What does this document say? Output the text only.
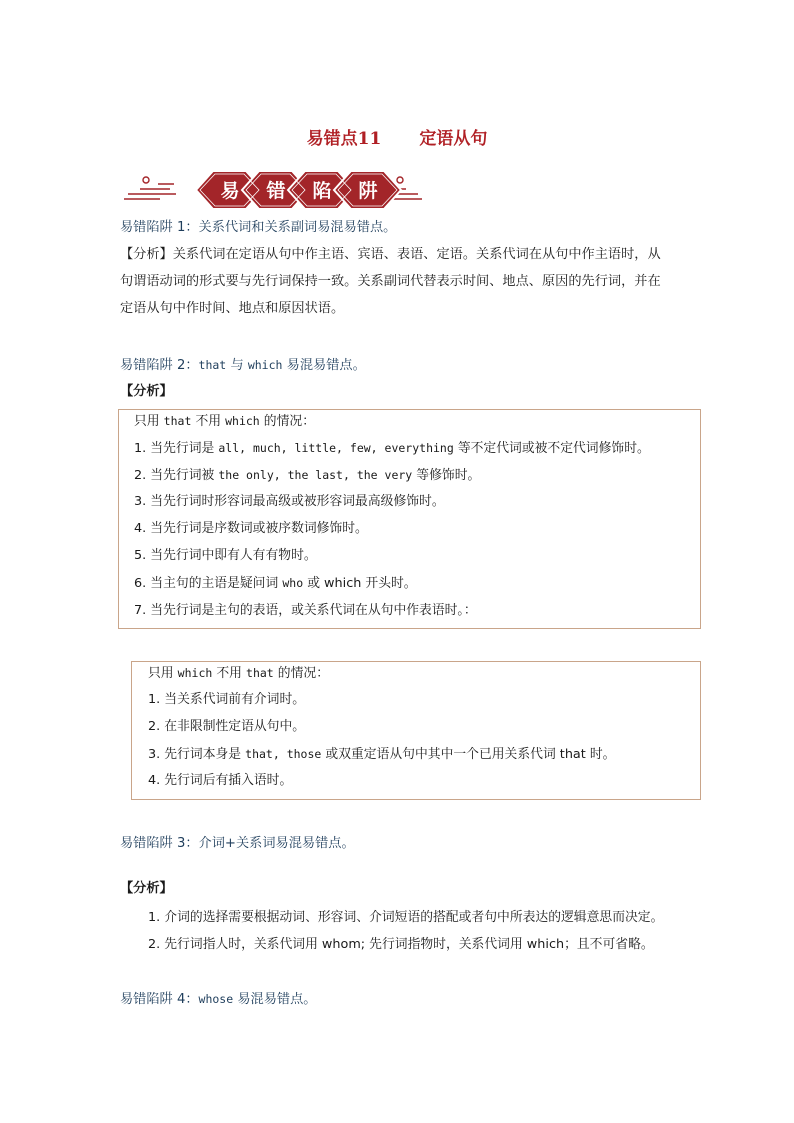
易错点11 定语从句
易 错 陷 阱
易错陷阱 1：关系代词和关系副词易混易错点。
【分析】关系代词在定语从句中作主语、宾语、表语、定语。关系代词在从句中作主语时，从
句谓语动词的形式要与先行词保持一致。关系副词代替表示时间、地点、原因的先行词，并在
定语从句中作时间、地点和原因状语。
易错陷阱 2：that 与 which 易混易错点。
【分析】
只用 that 不用 which 的情况：
1. 当先行词是 all, much, little, few, everything 等不定代词或被不定代词修饰时。
2. 当先行词被 the only, the last, the very 等修饰时。
3. 当先行词时形容词最高级或被形容词最高级修饰时。
4. 当先行词是序数词或被序数词修饰时。
5. 当先行词中即有人有有物时。
6. 当主句的主语是疑问词 who 或 which 开头时。
7. 当先行词是主句的表语，或关系代词在从句中作表语时。：
只用 which 不用 that 的情况：
1. 当关系代词前有介词时。
2. 在非限制性定语从句中。
3. 先行词本身是 that, those 或双重定语从句中其中一个已用关系代词 that 时。
4. 先行词后有插入语时。
易错陷阱 3：介词+关系词易混易错点。
【分析】
1. 介词的选择需要根据动词、形容词、介词短语的搭配或者句中所表达的逻辑意思而决定。
2. 先行词指人时，关系代词用 whom; 先行词指物时，关系代词用 which；且不可省略。
易错陷阱 4：whose 易混易错点。
